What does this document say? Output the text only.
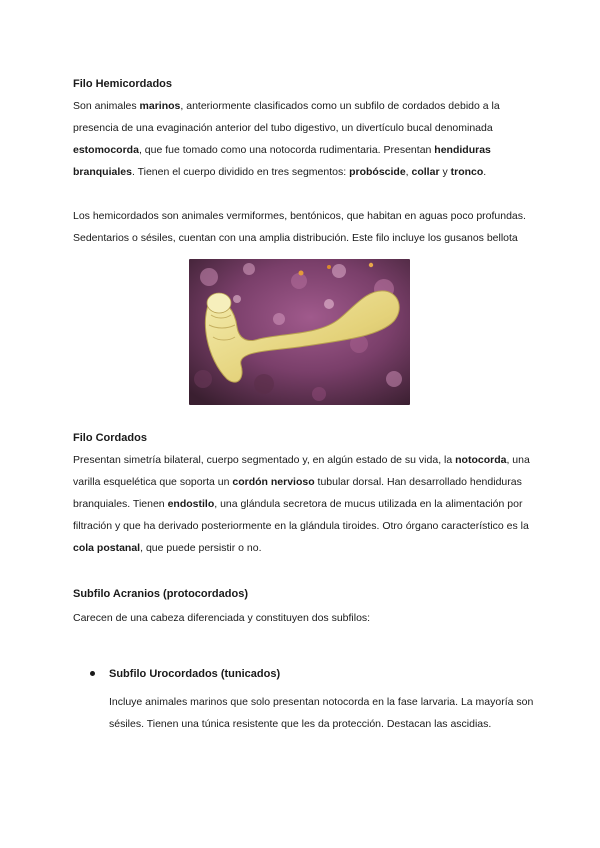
Filo Hemicordados

Son animales marinos, anteriormente clasificados como un subfilo de cordados debido a la presencia de una evaginación anterior del tubo digestivo, un divertículo bucal denominada estomocorda, que fue tomado como una notocorda rudimentaria. Presentan hendiduras branquiales. Tienen el cuerpo dividido en tres segmentos: probóscide, collar y tronco.

Los hemicordados son animales vermiformes, bentónicos, que habitan en aguas poco profundas. Sedentarios o sésiles, cuentan con una amplia distribución. Este filo incluye los gusanos bellota

Filo Cordados

Presentan simetría bilateral, cuerpo segmentado y, en algún estado de su vida, la notocorda, una varilla esquelética que soporta un cordón nervioso tubular dorsal. Han desarrollado hendiduras branquiales. Tienen endostilo, una glándula secretora de mucus utilizada en la alimentación por filtración y que ha derivado posteriormente en la glándula tiroides. Otro órgano característico es la cola postanal, que puede persistir o no.

Subfilo Acranios (protocordados)

Carecen de una cabeza diferenciada y constituyen dos subfilos:

Subfilo Urocordados (tunicados)

Incluye animales marinos que solo presentan notocorda en la fase larvaria. La mayoría son sésiles. Tienen una túnica resistente que les da protección. Destacan las ascidias.
